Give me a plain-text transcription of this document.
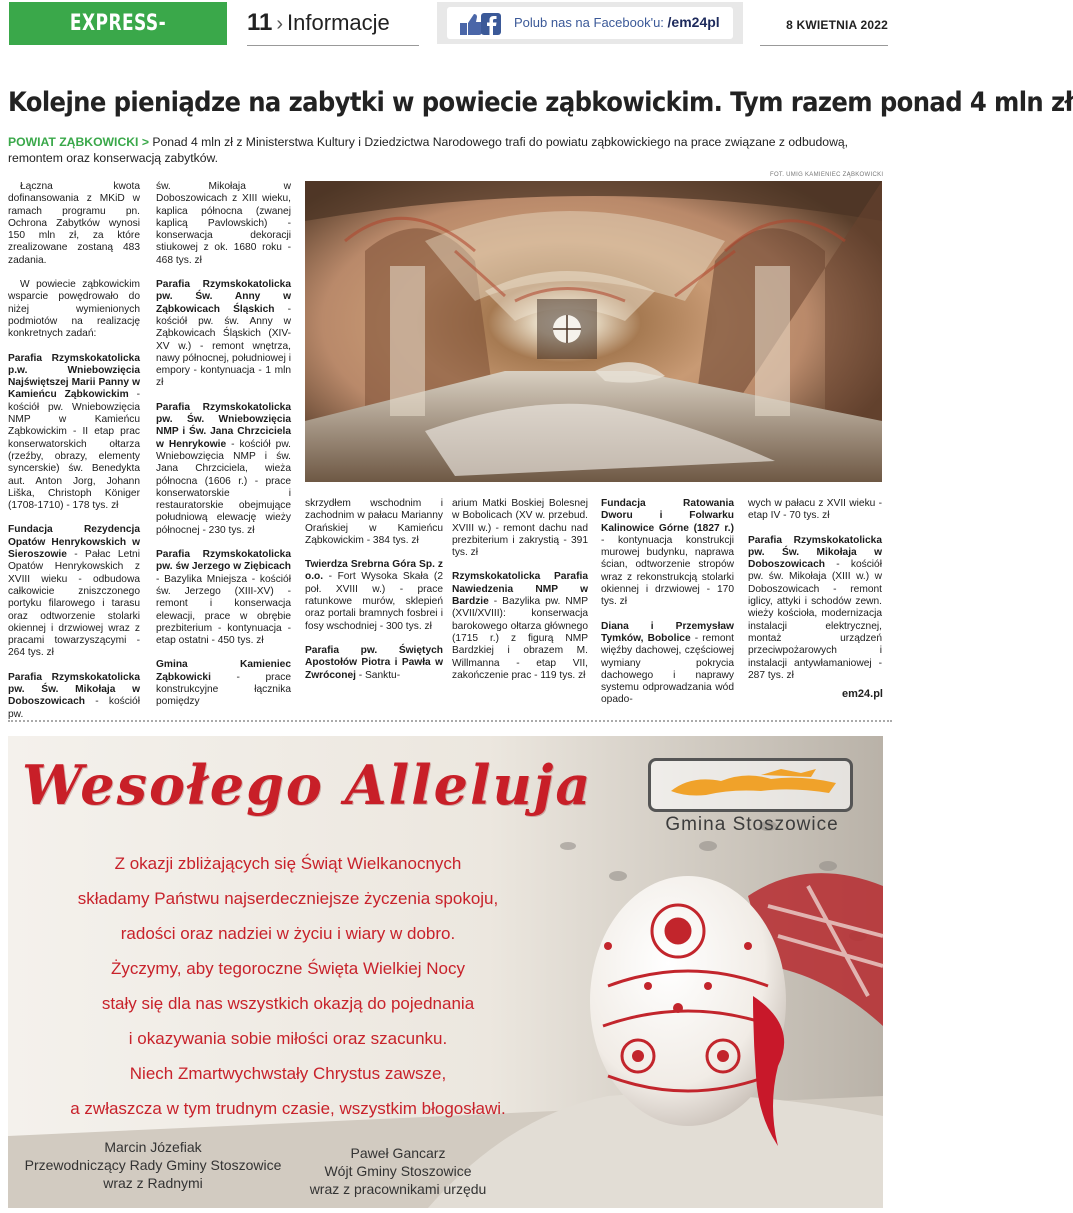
EXPRESS-MIEJSKI.PL
11 › Informacje	Polub nas na Facebook'u: /em24pl	8 KWIETNIA 2022
Kolejne pieniądze na zabytki w powiecie ząbkowickim. Tym razem ponad 4 mln zł

POWIAT ZĄBKOWICKI > Ponad 4 mln zł z Ministerstwa Kultury i Dziedzictwa Narodowego trafi do powiatu ząbkowickiego na prace związane z odbudową, remontem oraz konserwacją zabytków.

Łączna kwota dofinansowania z MKiD w ramach programu pn. Ochrona Zabytków wynosi 150 mln zł, za które zrealizowane zostaną 483 zadania.

W powiecie ząbkowickim wsparcie powędrowało do niżej wymienionych podmiotów na realizację konkretnych zadań:

Parafia Rzymskokatolicka p.w. Wniebowzięcia Najświętszej Marii Panny w Kamieńcu Ząbkowickim - kościół pw. Wniebowzięcia NMP w Kamieńcu Ząbkowickim - II etap prac konserwatorskich ołtarza (rzeźby, obrazy, elementy syncerskie) św. Benedykta aut. Anton Jorg, Johann Liška, Christoph Königer (1708-1710) - 178 tys. zł

Fundacja Rezydencja Opatów Henrykowskich w Sieroszowie - Pałac Letni Opatów Henrykowskich z XVIII wieku - odbudowa całkowicie zniszczonego portyku filarowego i tarasu oraz odtworzenie stolarki okiennej i drzwiowej wraz z pracami towarzyszącymi - 264 tys. zł

Parafia Rzymskokatolicka pw. Św. Mikołaja w Doboszowicach - kościół pw.

św. Mikołaja w Doboszowicach z XIII wieku, kaplica północna (zwanej kaplicą Pavlowskich) - konserwacja dekoracji stiukowej z ok. 1680 roku - 468 tys. zł

Parafia Rzymskokatolicka pw. Św. Anny w Ząbkowicach Śląskich - kościół pw. św. Anny w Ząbkowicach Śląskich (XIV-XV w.) - remont wnętrza, nawy północnej, południowej i empory - kontynuacja - 1 mln zł

Parafia Rzymskokatolicka pw. Św. Wniebowzięcia NMP i Św. Jana Chrzciciela w Henrykowie - kościół pw. Wniebowzięcia NMP i św. Jana Chrzciciela, wieża północna (1606 r.) - prace konserwatorskie i restauratorskie obejmujące południową elewację wieży północnej - 230 tys. zł

Parafia Rzymskokatolicka pw. św Jerzego w Ziębicach - Bazylika Mniejsza - kościół św. Jerzego (XIII-XV) - remont i konserwacja elewacji, prace w obrębie prezbiterium - kontynuacja - etap ostatni - 450 tys. zł

Gmina Kamieniec Ząbkowicki - prace konstrukcyjne łącznika pomiędzy

FOT. UMIG KAMIENIEC ZĄBKOWICKI

skrzydłem wschodnim i zachodnim w pałacu Marianny Orańskiej w Kamieńcu Ząbkowickim - 384 tys. zł

Twierdza Srebrna Góra Sp. z o.o. - Fort Wysoka Skała (2 poł. XVIII w.) - prace ratunkowe murów, sklepień oraz portali bramnych fosbrei i fosy wschodniej - 300 tys. zł

Parafia pw. Świętych Apostołów Piotra i Pawła w Zwróconej - Sanktu-

arium Matki Boskiej Bolesnej w Bobolicach (XV w. przebud. XVIII w.) - remont dachu nad prezbiterium i zakrystią - 391 tys. zł

Rzymskokatolicka Parafia Nawiedzenia NMP w Bardzie - Bazylika pw. NMP (XVII/XVIII): konserwacja barokowego ołtarza głównego (1715 r.) z figurą NMP Bardzkiej i obrazem M. Willmanna - etap VII, zakończenie prac - 119 tys. zł

Fundacja Ratowania Dworu i Folwarku Kalinowice Górne (1827 r.) - kontynuacja konstrukcji murowej budynku, naprawa ścian, odtworzenie stropów wraz z rekonstrukcją stolarki okiennej i drzwiowej - 170 tys. zł

Diana i Przemysław Tymków, Bobolice - remont więźby dachowej, częściowej wymiany pokrycia dachowego i naprawy systemu odprowadzania wód opado-

wych w pałacu z XVII wieku - etap IV - 70 tys. zł

Parafia Rzymskokatolicka pw. Św. Mikołaja w Doboszowicach - kościół pw. św. Mikołaja (XIII w.) w Doboszowicach - remont iglicy, attyki i schodów zewn. wieży kościoła, modernizacja instalacji elektrycznej, montaż urządzeń przeciwpożarowych i instalacji antywłamaniowej - 287 tys. zł

em24.pl
Wesołego Alleluja
Gmina Stoszowice
Z okazji zbliżających się Świąt Wielkanocnych
składamy Państwu najserdeczniejsze życzenia spokoju,
radości oraz nadziei w życiu i wiary w dobro.
Życzymy, aby tegoroczne Święta Wielkiej Nocy
stały się dla nas wszystkich okazją do pojednania
i okazywania sobie miłości oraz szacunku.
Niech Zmartwychwstały Chrystus zawsze,
a zwłaszcza w tym trudnym czasie, wszystkim błogosławi.
Marcin Józefiak
Przewodniczący Rady Gminy Stoszowice
wraz z Radnymi
Paweł Gancarz
Wójt Gminy Stoszowice
wraz z pracownikami urzędu
